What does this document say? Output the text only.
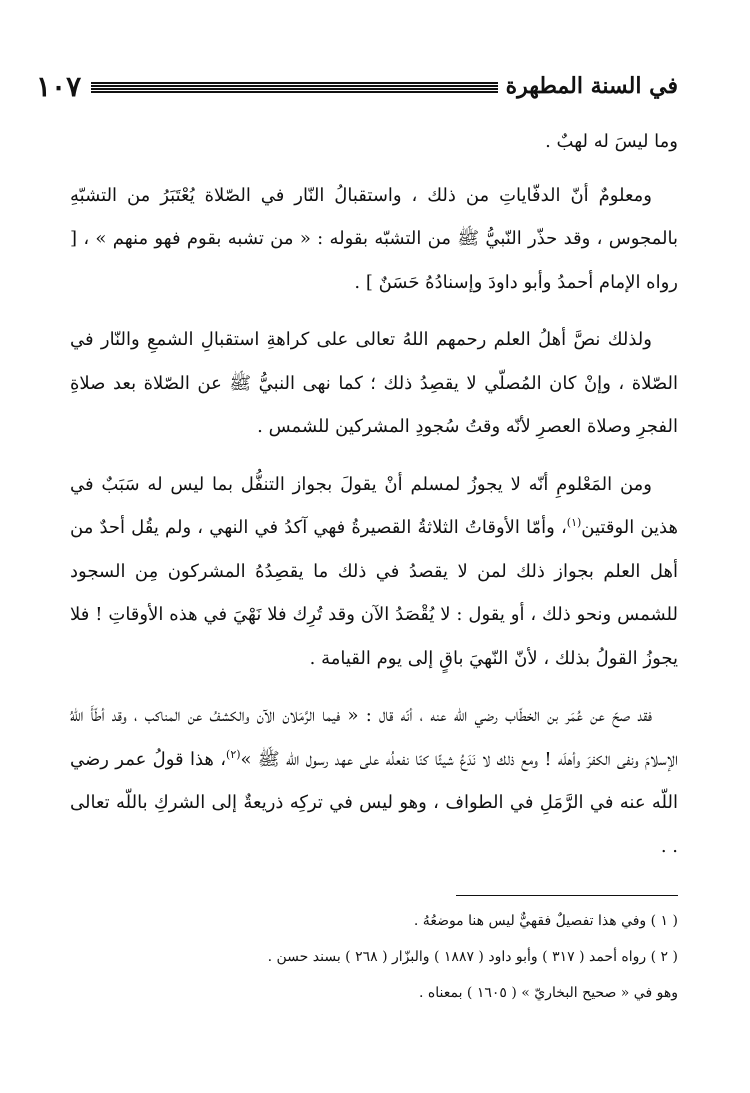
في السنة المطهرة
١٠٧

وما ليسَ له لهبٌ .

ومعلومٌ أنّ الدفّاياتِ من ذلك ، واستقبالُ النّار في الصّلاة يُعْتَبَرُ من التشبّهِ بالمجوس ، وقد حذّر النّبيُّ ﷺ من التشبّه بقوله : « من تشبه بقوم فهو منهم » ، [ رواه الإمام أحمدُ وأبو داودَ وإسنادُهُ حَسَنٌ ] .

ولذلك نصَّ أهلُ العلم رحمهم اللهُ تعالى على كراهةِ استقبالِ الشمعِ والنّار في الصّلاة ، وإنْ كان المُصلّي لا يقصِدُ ذلك ؛ كما نهى النبيُّ ﷺ عن الصّلاة بعد صلاةِ الفجرِ وصلاة العصرِ لأنّه وقتُ سُجودِ المشركين للشمس .

ومن المَعْلومِ أنّه لا يجوزُ لمسلم أنْ يقولَ بجواز التنفُّل بما ليس له سَبَبٌ في هذين الوقتين$^{(١)}$، وأمّا الأوقاتُ الثلاثةُ القصيرةُ فهي آكدُ في النهي ، ولم يقُل أحدٌ من أهل العلم بجواز ذلك لمن لا يقصدُ في ذلك ما يقصِدُهُ المشركون مِن السجود للشمس ونحو ذلك ، أو يقول : لا يُقْصَدُ الآن وقد تُرِك فلا نَهْيَ في هذه الأوقاتِ ! فلا يجوزُ القولُ بذلك ، لأنّ النّهيَ باقٍ إلى يوم القيامة .

فقد صحّ عن عُمَر بن الخطّاب رضي اللّه عنه ، أنّه قال : « فيما الرَّمَلان الآن والكشفُ عن المناكب ، وقد أطّأَ اللّهُ الإسلامَ ونفى الكفرَ وأهلَه ! ومع ذلك لا نَدَعُ شيئًا كنّا نفعلُه على عهد رسول اللّه ﷺ »$^{(٢)}$، هذا قولُ عمر رضي اللّه عنه في الرَّمَلِ في الطواف ، وهو ليس في تركِه ذريعةٌ إلى الشركِ باللّه تعالى . .

( ١ ) وفي هذا تفصيلٌ فقهيٌّ ليس هنا موضعُهُ .

( ٢ ) رواه أحمد ( ٣١٧ ) وأبو داود ( ١٨٨٧ ) والبزّار ( ٢٦٨ ) بسند حسن .

وهو في « صحيح البخاريّ » ( ١٦٠٥ ) بمعناه .
